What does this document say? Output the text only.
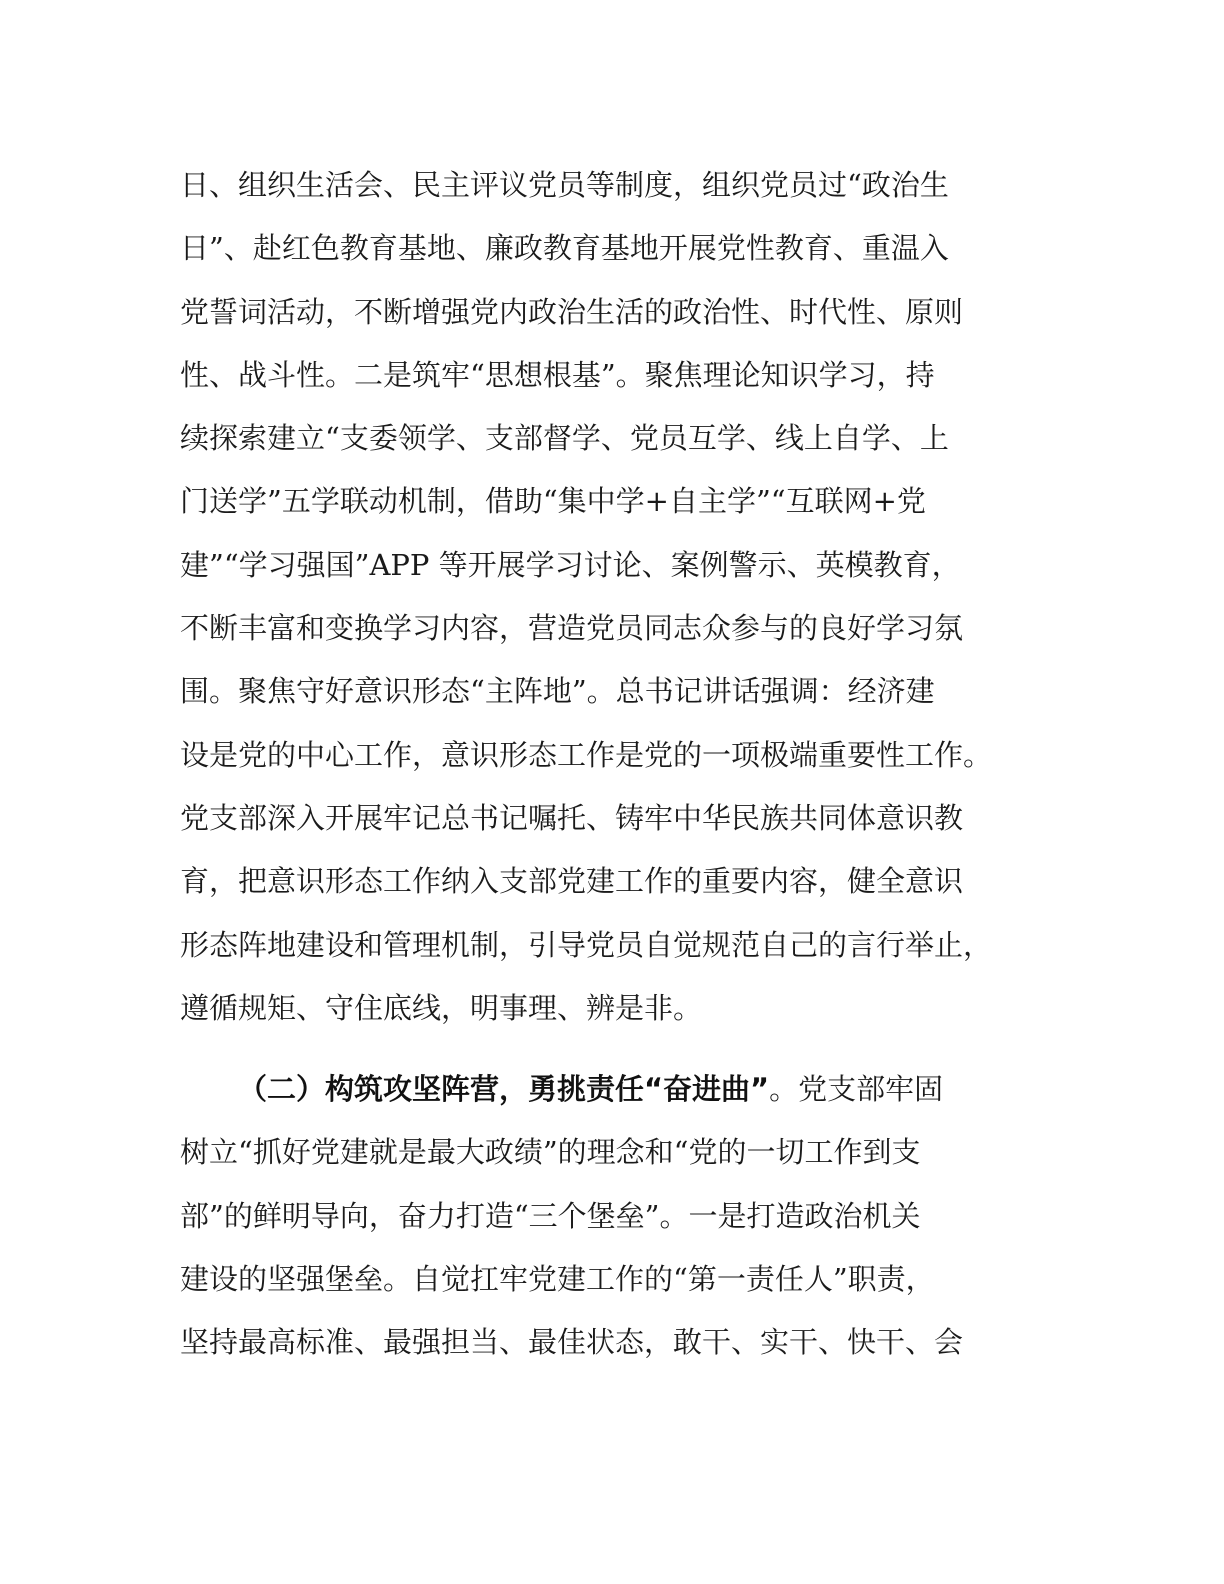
日、组织生活会、民主评议党员等制度，组织党员过“政治生
日”、赴红色教育基地、廉政教育基地开展党性教育、重温入
党誓词活动，不断增强党内政治生活的政治性、时代性、原则
性、战斗性。二是筑牢“思想根基”。聚焦理论知识学习，持
续探索建立“支委领学、支部督学、党员互学、线上自学、上
门送学”五学联动机制，借助“集中学+自主学”“互联网+党
建”“学习强国”APP 等开展学习讨论、案例警示、英模教育，
不断丰富和变换学习内容，营造党员同志众参与的良好学习氛
围。聚焦守好意识形态“主阵地”。总书记讲话强调：经济建
设是党的中心工作，意识形态工作是党的一项极端重要性工作。
党支部深入开展牢记总书记嘱托、铸牢中华民族共同体意识教
育，把意识形态工作纳入支部党建工作的重要内容，健全意识
形态阵地建设和管理机制，引导党员自觉规范自己的言行举止，
遵循规矩、守住底线，明事理、辨是非。
（二）构筑攻坚阵营，勇挑责任“奋进曲”。党支部牢固
树立“抓好党建就是最大政绩”的理念和“党的一切工作到支
部”的鲜明导向，奋力打造“三个堡垒”。一是打造政治机关
建设的坚强堡垒。自觉扛牢党建工作的“第一责任人”职责，
坚持最高标准、最强担当、最佳状态，敢干、实干、快干、会
